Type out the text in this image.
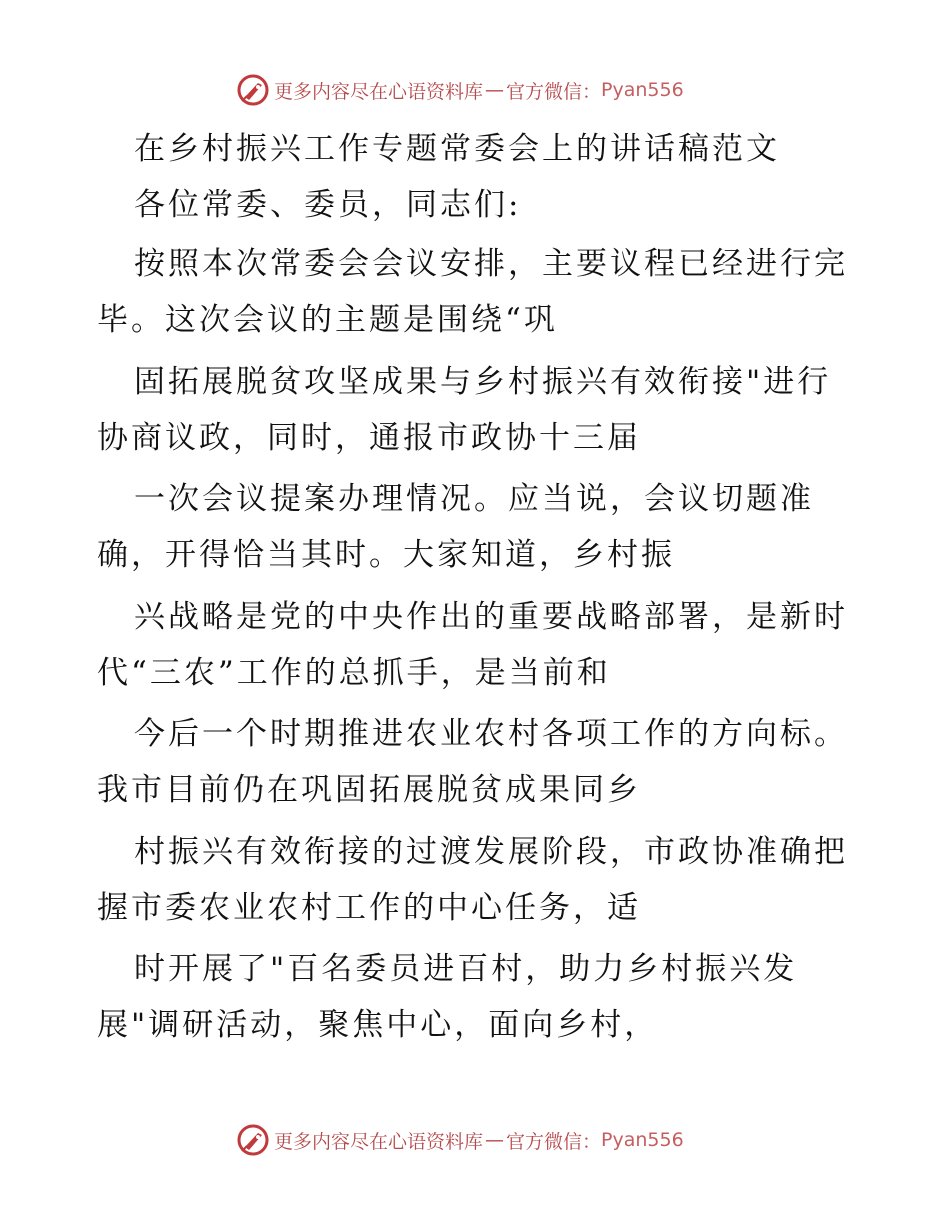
更多内容尽在心语资料库 — 官方微信： Pyan556
在乡村振兴工作专题常委会上的讲话稿范文
各位常委、委员，同志们:
按照本次常委会会议安排，主要议程已经进行完
毕。这次会议的主题是围绕“巩
固拓展脱贫攻坚成果与乡村振兴有效衔接"进行
协商议政，同时，通报市政协十三届
一次会议提案办理情况。应当说，会议切题准
确，开得恰当其时。大家知道，乡村振
兴战略是党的中央作出的重要战略部署，是新时
代“三农”工作的总抓手，是当前和
今后一个时期推进农业农村各项工作的方向标。
我市目前仍在巩固拓展脱贫成果同乡
村振兴有效衔接的过渡发展阶段，市政协准确把
握市委农业农村工作的中心任务，适
时开展了"百名委员进百村，助力乡村振兴发
展"调研活动，聚焦中心，面向乡村，
更多内容尽在心语资料库 — 官方微信： Pyan556
